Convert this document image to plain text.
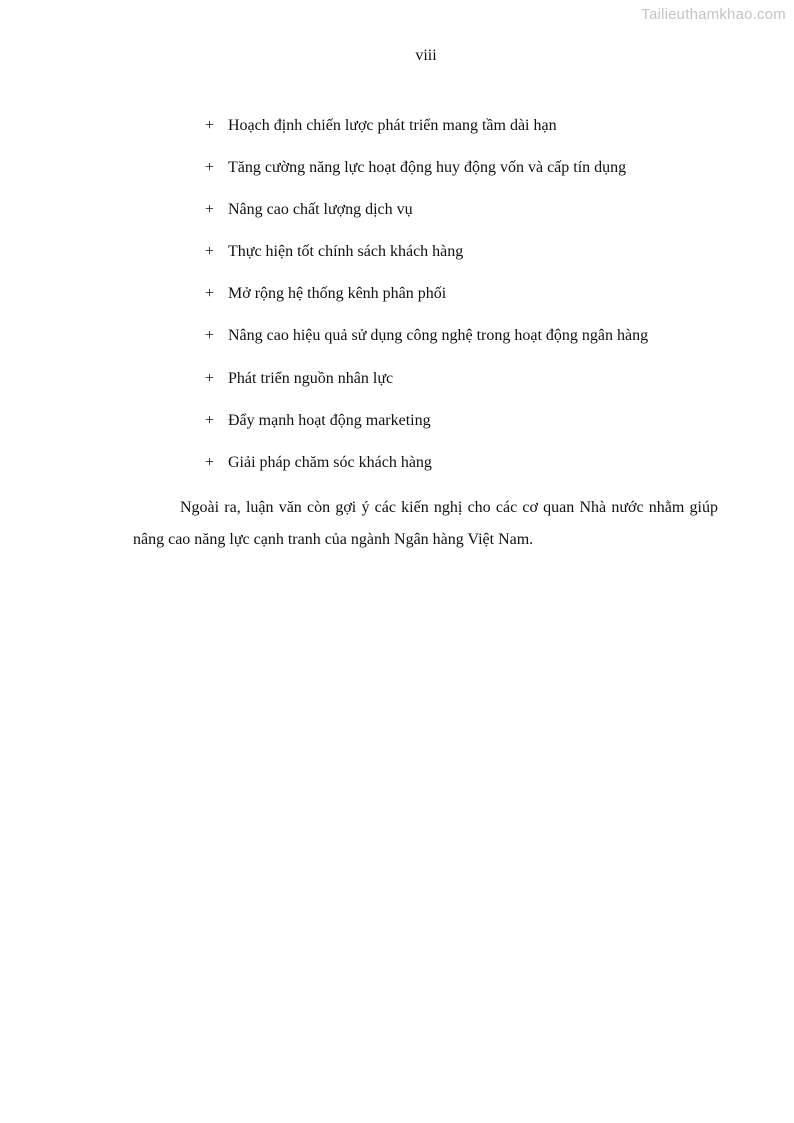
Tailieuthamkhao.com
viii
+ Hoạch định chiến lược phát triển mang tầm dài hạn
+ Tăng cường năng lực hoạt động huy động vốn và cấp tín dụng
+ Nâng cao chất lượng dịch vụ
+ Thực hiện tốt chính sách khách hàng
+ Mở rộng hệ thống kênh phân phối
+ Nâng cao hiệu quả sử dụng công nghệ trong hoạt động ngân hàng
+ Phát triển nguồn nhân lực
+ Đẩy mạnh hoạt động marketing
+ Giải pháp chăm sóc khách hàng

Ngoài ra, luận văn còn gợi ý các kiến nghị cho các cơ quan Nhà nước nhằm giúp nâng cao năng lực cạnh tranh của ngành Ngân hàng Việt Nam.
